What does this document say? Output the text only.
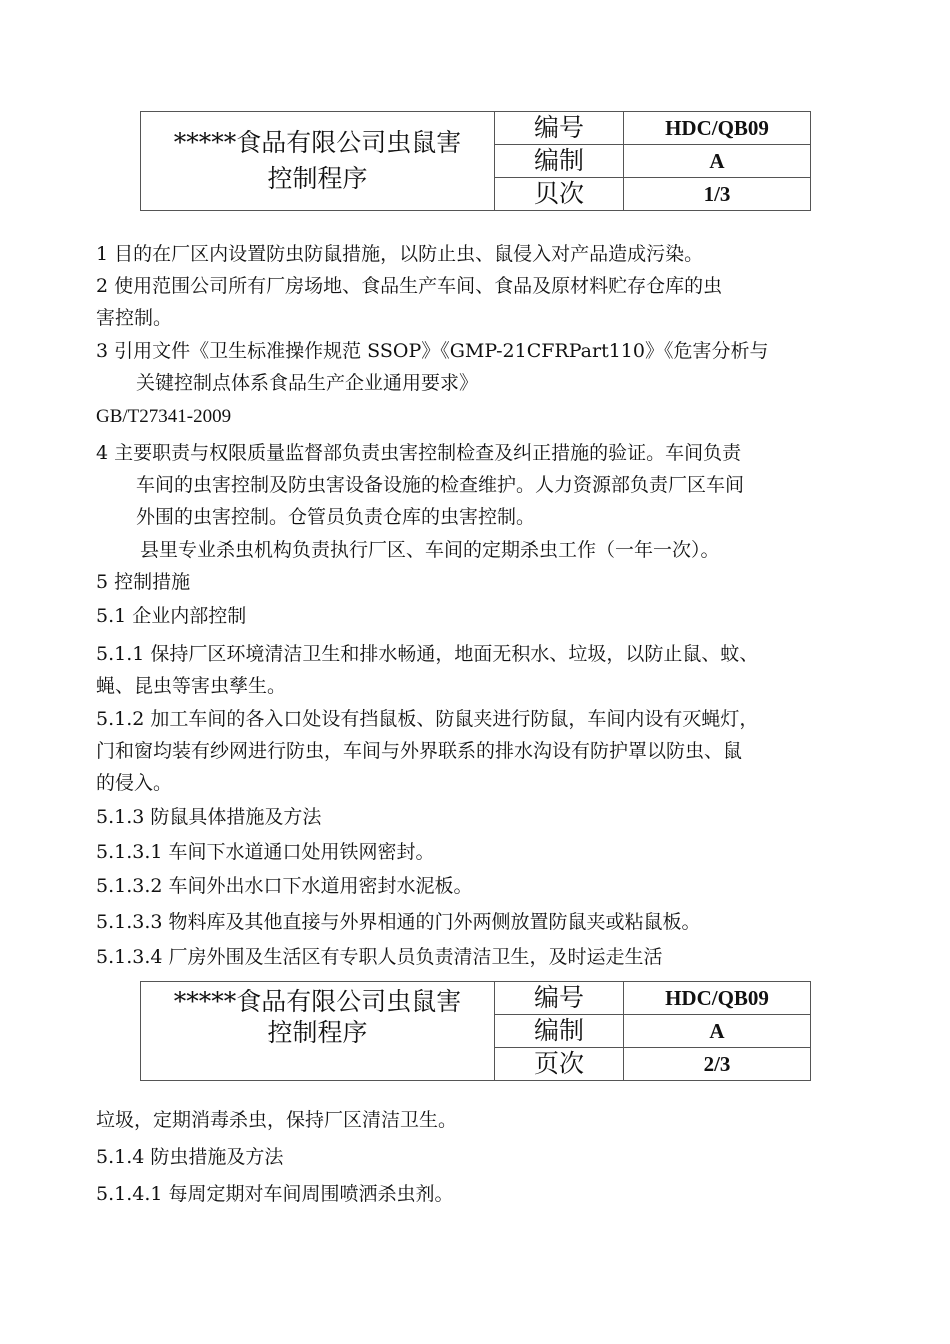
*****食品有限公司虫鼠害
控制程序	编号	HDC/QB09
	编制	A
	贝次	1/3
1 目的在厂区内设置防虫防鼠措施，以防止虫、鼠侵入对产品造成污染。
2 使用范围公司所有厂房场地、食品生产车间、食品及原材料贮存仓库的虫
害控制。
3 引用文件《卫生标准操作规范 SSOP》《GMP-21CFRPart110》《危害分析与
关键控制点体系食品生产企业通用要求》
GB/T27341-2009
4 主要职责与权限质量监督部负责虫害控制检查及纠正措施的验证。车间负责
车间的虫害控制及防虫害设备设施的检查维护。人力资源部负责厂区车间
外围的虫害控制。仓管员负责仓库的虫害控制。
县里专业杀虫机构负责执行厂区、车间的定期杀虫工作（一年一次）。
5 控制措施
5.1 企业内部控制
5.1.1 保持厂区环境清洁卫生和排水畅通，地面无积水、垃圾，以防止鼠、蚊、
蝇、昆虫等害虫孳生。
5.1.2 加工车间的各入口处设有挡鼠板、防鼠夹进行防鼠，车间内设有灭蝇灯，
门和窗均装有纱网进行防虫，车间与外界联系的排水沟设有防护罩以防虫、鼠
的侵入。
5.1.3 防鼠具体措施及方法
5.1.3.1 车间下水道通口处用铁网密封。
5.1.3.2 车间外出水口下水道用密封水泥板。
5.1.3.3 物料库及其他直接与外界相通的门外两侧放置防鼠夹或粘鼠板。
5.1.3.4 厂房外围及生活区有专职人员负责清洁卫生，及时运走生活
*****食品有限公司虫鼠害
控制程序	编号	HDC/QB09
	编制	A
	页次	2/3
垃圾，定期消毒杀虫，保持厂区清洁卫生。
5.1.4 防虫措施及方法
5.1.4.1 每周定期对车间周围喷洒杀虫剂。
